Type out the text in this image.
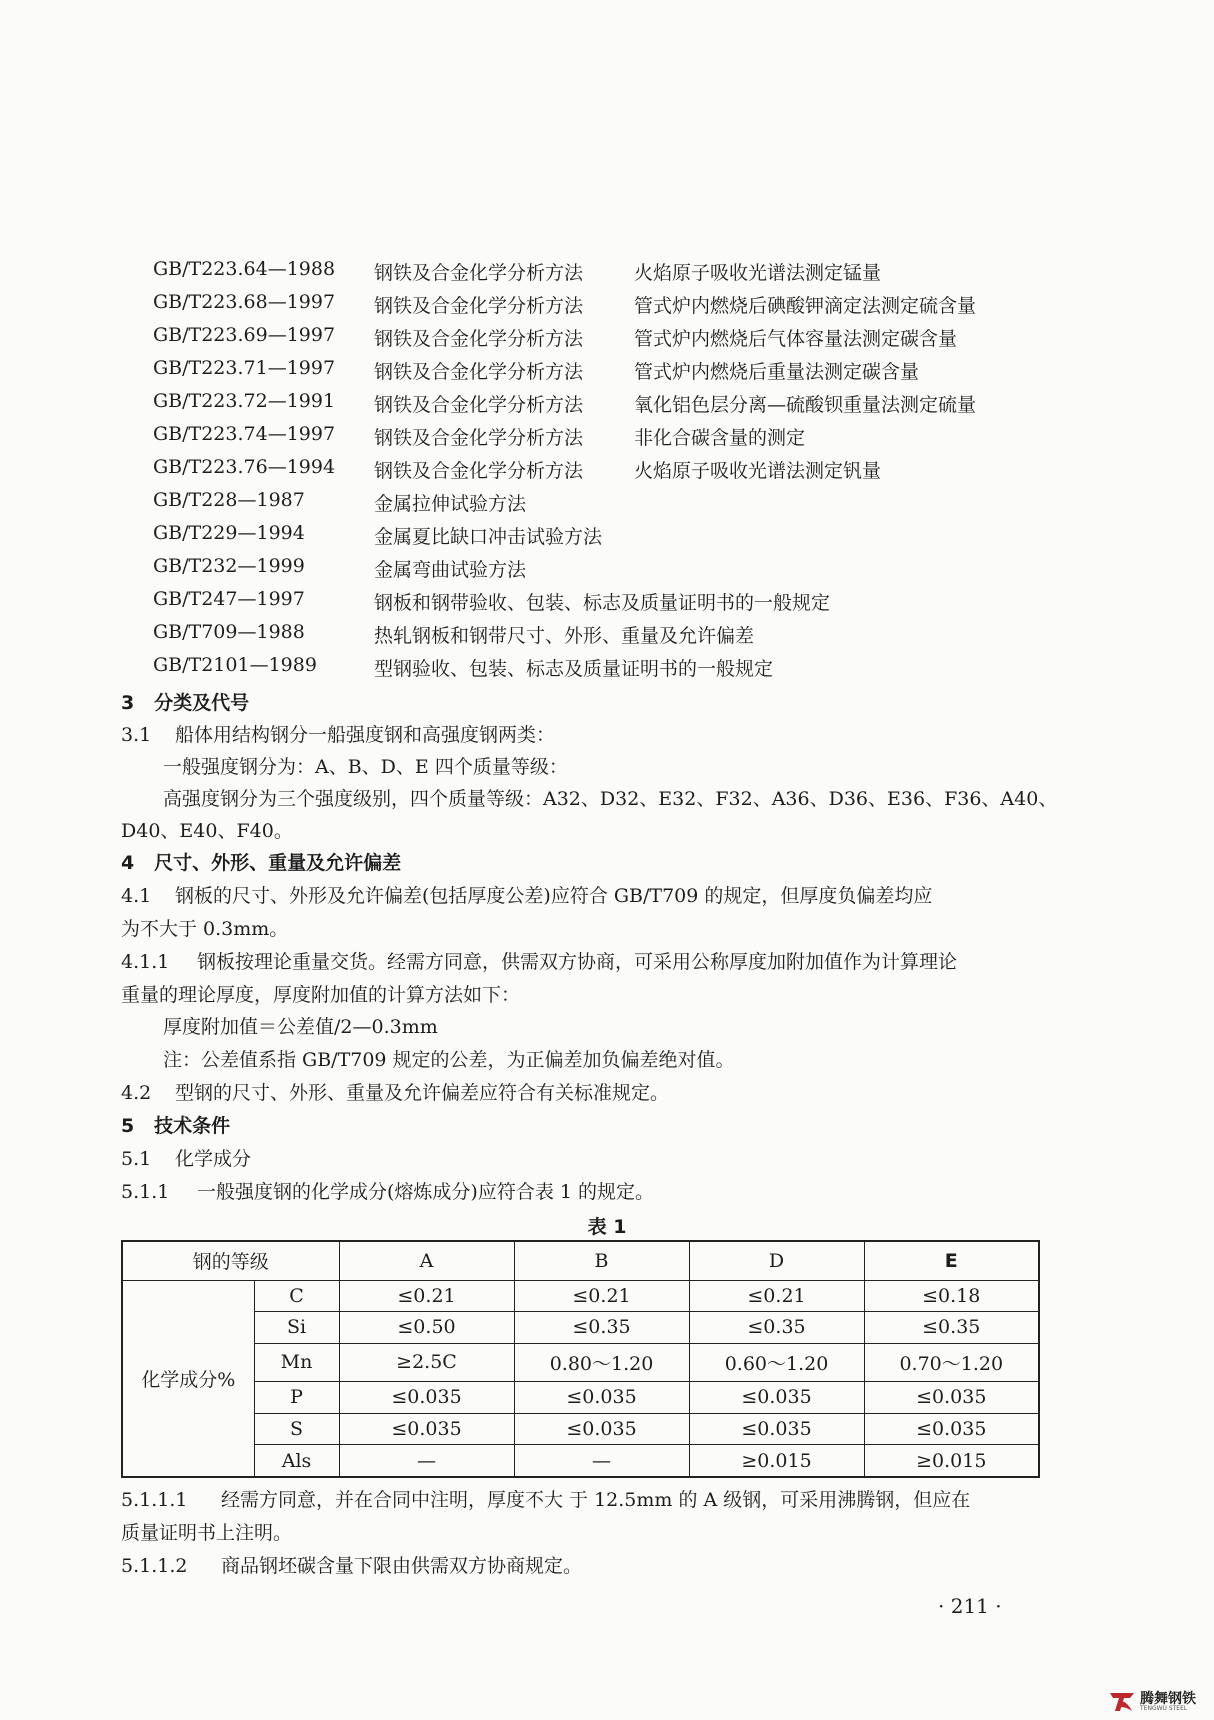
GB/T223.64—1988 钢铁及合金化学分析方法	火焰原子吸收光谱法测定锰量
GB/T223.68—1997 钢铁及合金化学分析方法	管式炉内燃烧后碘酸钾滴定法测定硫含量
GB/T223.69—1997 钢铁及合金化学分析方法	管式炉内燃烧后气体容量法测定碳含量
GB/T223.71—1997 钢铁及合金化学分析方法	管式炉内燃烧后重量法测定碳含量
GB/T223.72—1991 钢铁及合金化学分析方法	氧化铝色层分离—硫酸钡重量法测定硫量
GB/T223.74—1997 钢铁及合金化学分析方法	非化合碳含量的测定
GB/T223.76—1994 钢铁及合金化学分析方法	火焰原子吸收光谱法测定钒量
GB/T228—1987	金属拉伸试验方法
GB/T229—1994	金属夏比缺口冲击试验方法
GB/T232—1999	金属弯曲试验方法
GB/T247—1997	钢板和钢带验收、包装、标志及质量证明书的一般规定
GB/T709—1988	热轧钢板和钢带尺寸、外形、重量及允许偏差
GB/T2101—1989	型钢验收、包装、标志及质量证明书的一般规定
3 分类及代号
3.1 船体用结构钢分一船强度钢和高强度钢两类：
一般强度钢分为：A、B、D、E 四个质量等级：
高强度钢分为三个强度级别，四个质量等级：A32、D32、E32、F32、A36、D36、E36、F36、A40、
D40、E40、F40。
4 尺寸、外形、重量及允许偏差
4.1 钢板的尺寸、外形及允许偏差(包括厚度公差)应符合 GB/T709 的规定，但厚度负偏差均应
为不大于 0.3mm。
4.1.1 钢板按理论重量交货。经需方同意，供需双方协商，可采用公称厚度加附加值作为计算理论
重量的理论厚度，厚度附加值的计算方法如下：
厚度附加值＝公差值/2—0.3mm
注：公差值系指 GB/T709 规定的公差，为正偏差加负偏差绝对值。
4.2 型钢的尺寸、外形、重量及允许偏差应符合有关标准规定。
5 技术条件
5.1 化学成分
5.1.1 一般强度钢的化学成分(熔炼成分)应符合表 1 的规定。
表 1
钢的等级		A	B	D	E
化学成分%	C	≤0.21	≤0.21	≤0.21	≤0.18
	Si	≤0.50	≤0.35	≤0.35	≤0.35
	Mn	≥2.5C	0.80～1.20	0.60～1.20	0.70～1.20
	P	≤0.035	≤0.035	≤0.035	≤0.035
	S	≤0.035	≤0.035	≤0.035	≤0.035
	Als	—	—	≥0.015	≥0.015
5.1.1.1 经需方同意，并在合同中注明，厚度不大 于 12.5mm 的 A 级钢，可采用沸腾钢，但应在
质量证明书上注明。
5.1.1.2 商品钢坯碳含量下限由供需双方协商规定。
· 211 ·
腾舞钢铁
TENGWU STEEL
